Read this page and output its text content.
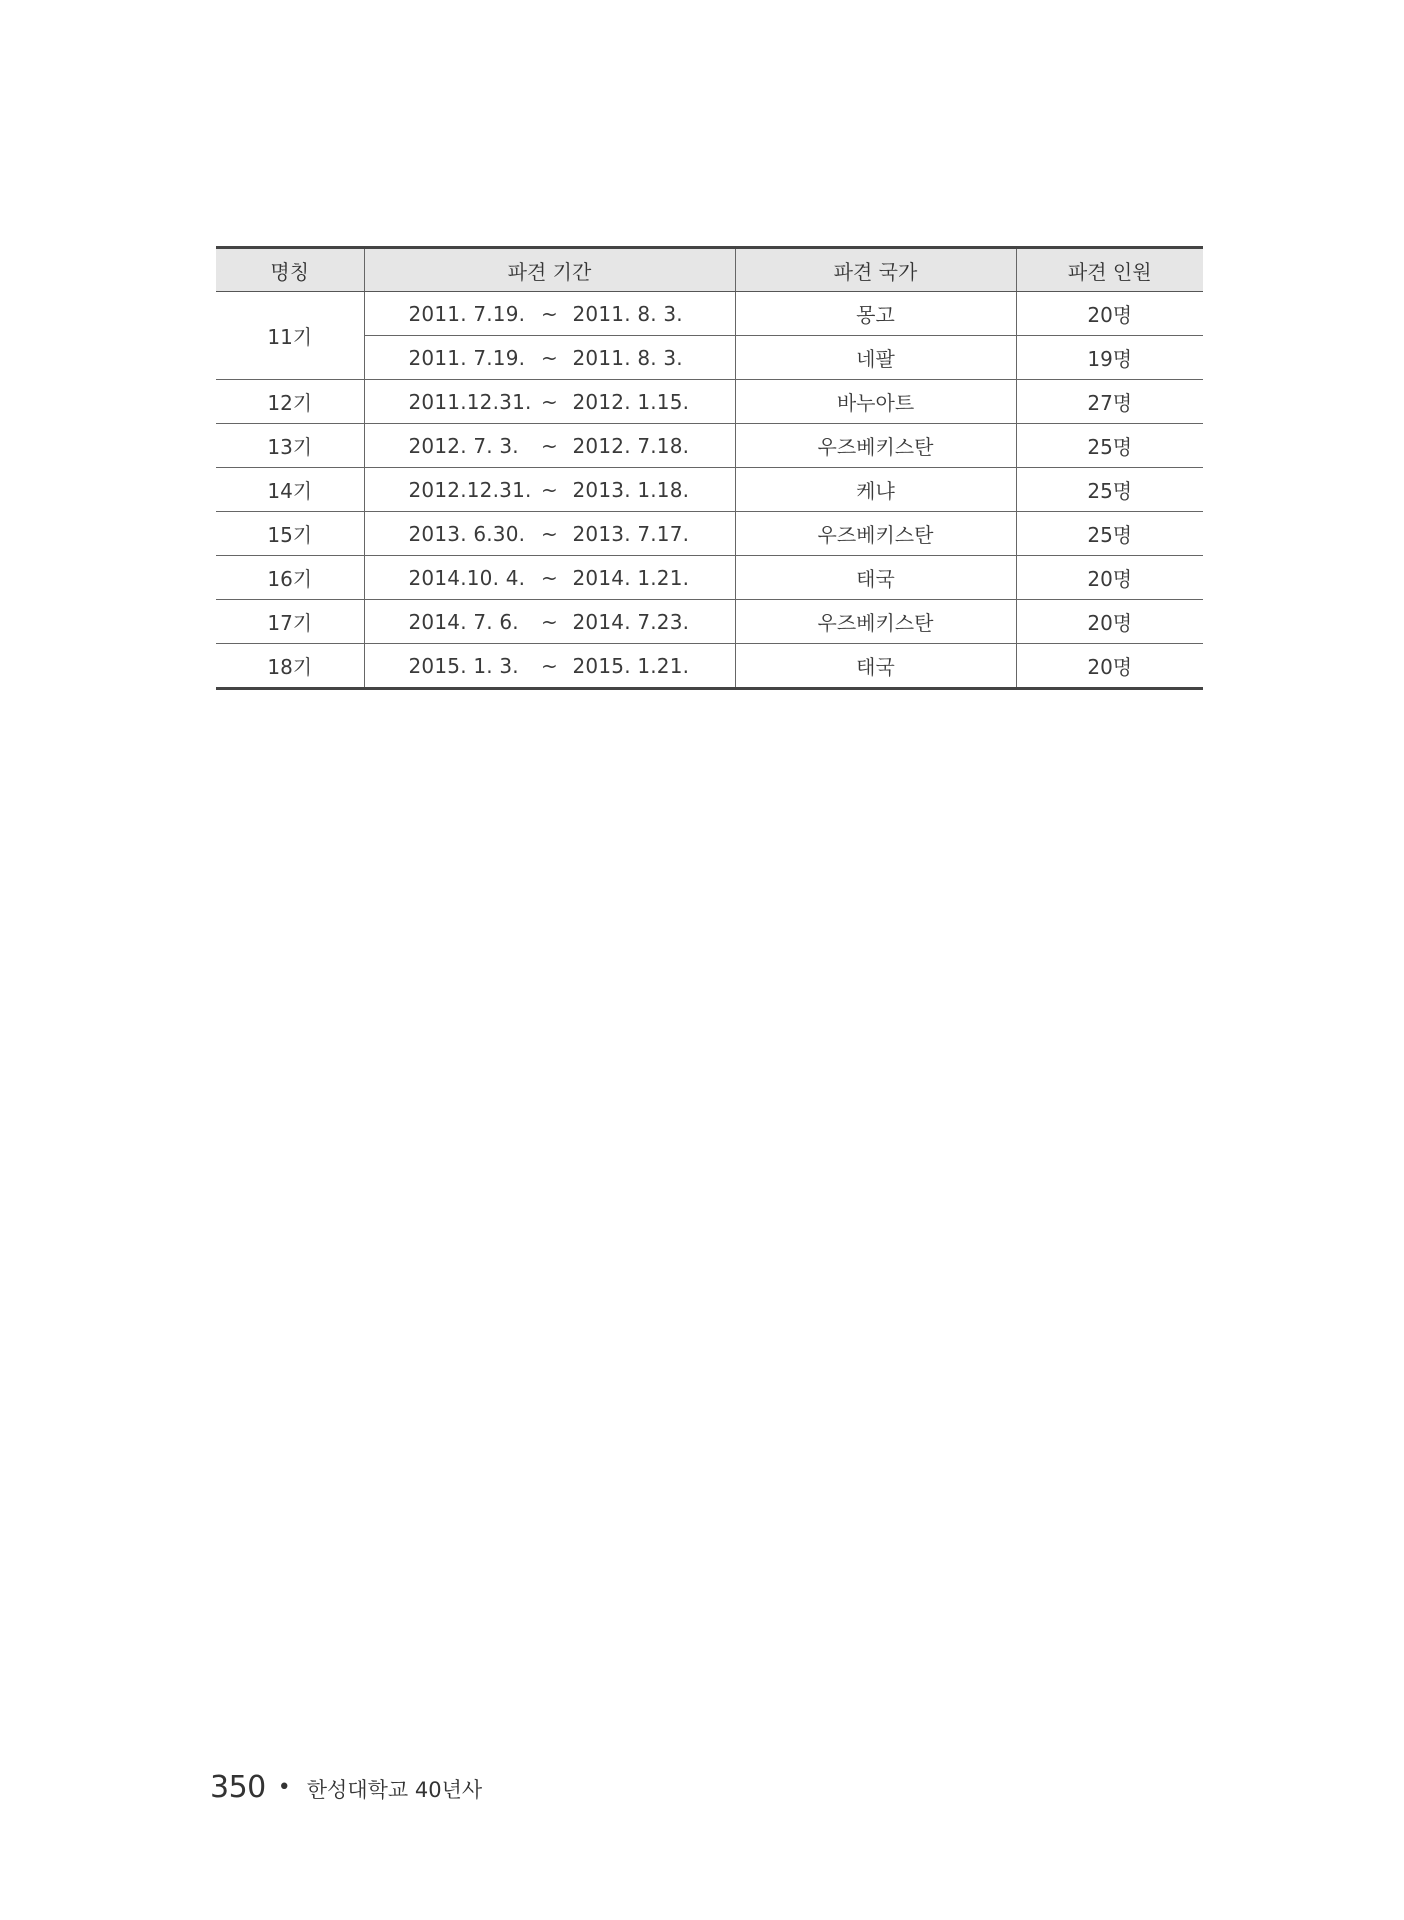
명칭	파견 기간	파견 국가	파견 인원
11기	2011. 7.19. ~ 2011. 8. 3.	몽고	20명

	2011. 7.19. ~ 2011. 8. 3.	네팔	19명
12기	2011.12.31. ~ 2012. 1.15.	바누아트	27명
13기	2012. 7. 3. ~ 2012. 7.18.	우즈베키스탄	25명
14기	2012.12.31. ~ 2013. 1.18.	케냐	25명
15기	2013. 6.30. ~ 2013. 7.17.	우즈베키스탄	25명
16기	2014.10. 4. ~ 2014. 1.21.	태국	20명
17기	2014. 7. 6. ~ 2014. 7.23.	우즈베키스탄	20명
18기	2015. 1. 3. ~ 2015. 1.21.	태국	20명
350 • 한성대학교 40년사
